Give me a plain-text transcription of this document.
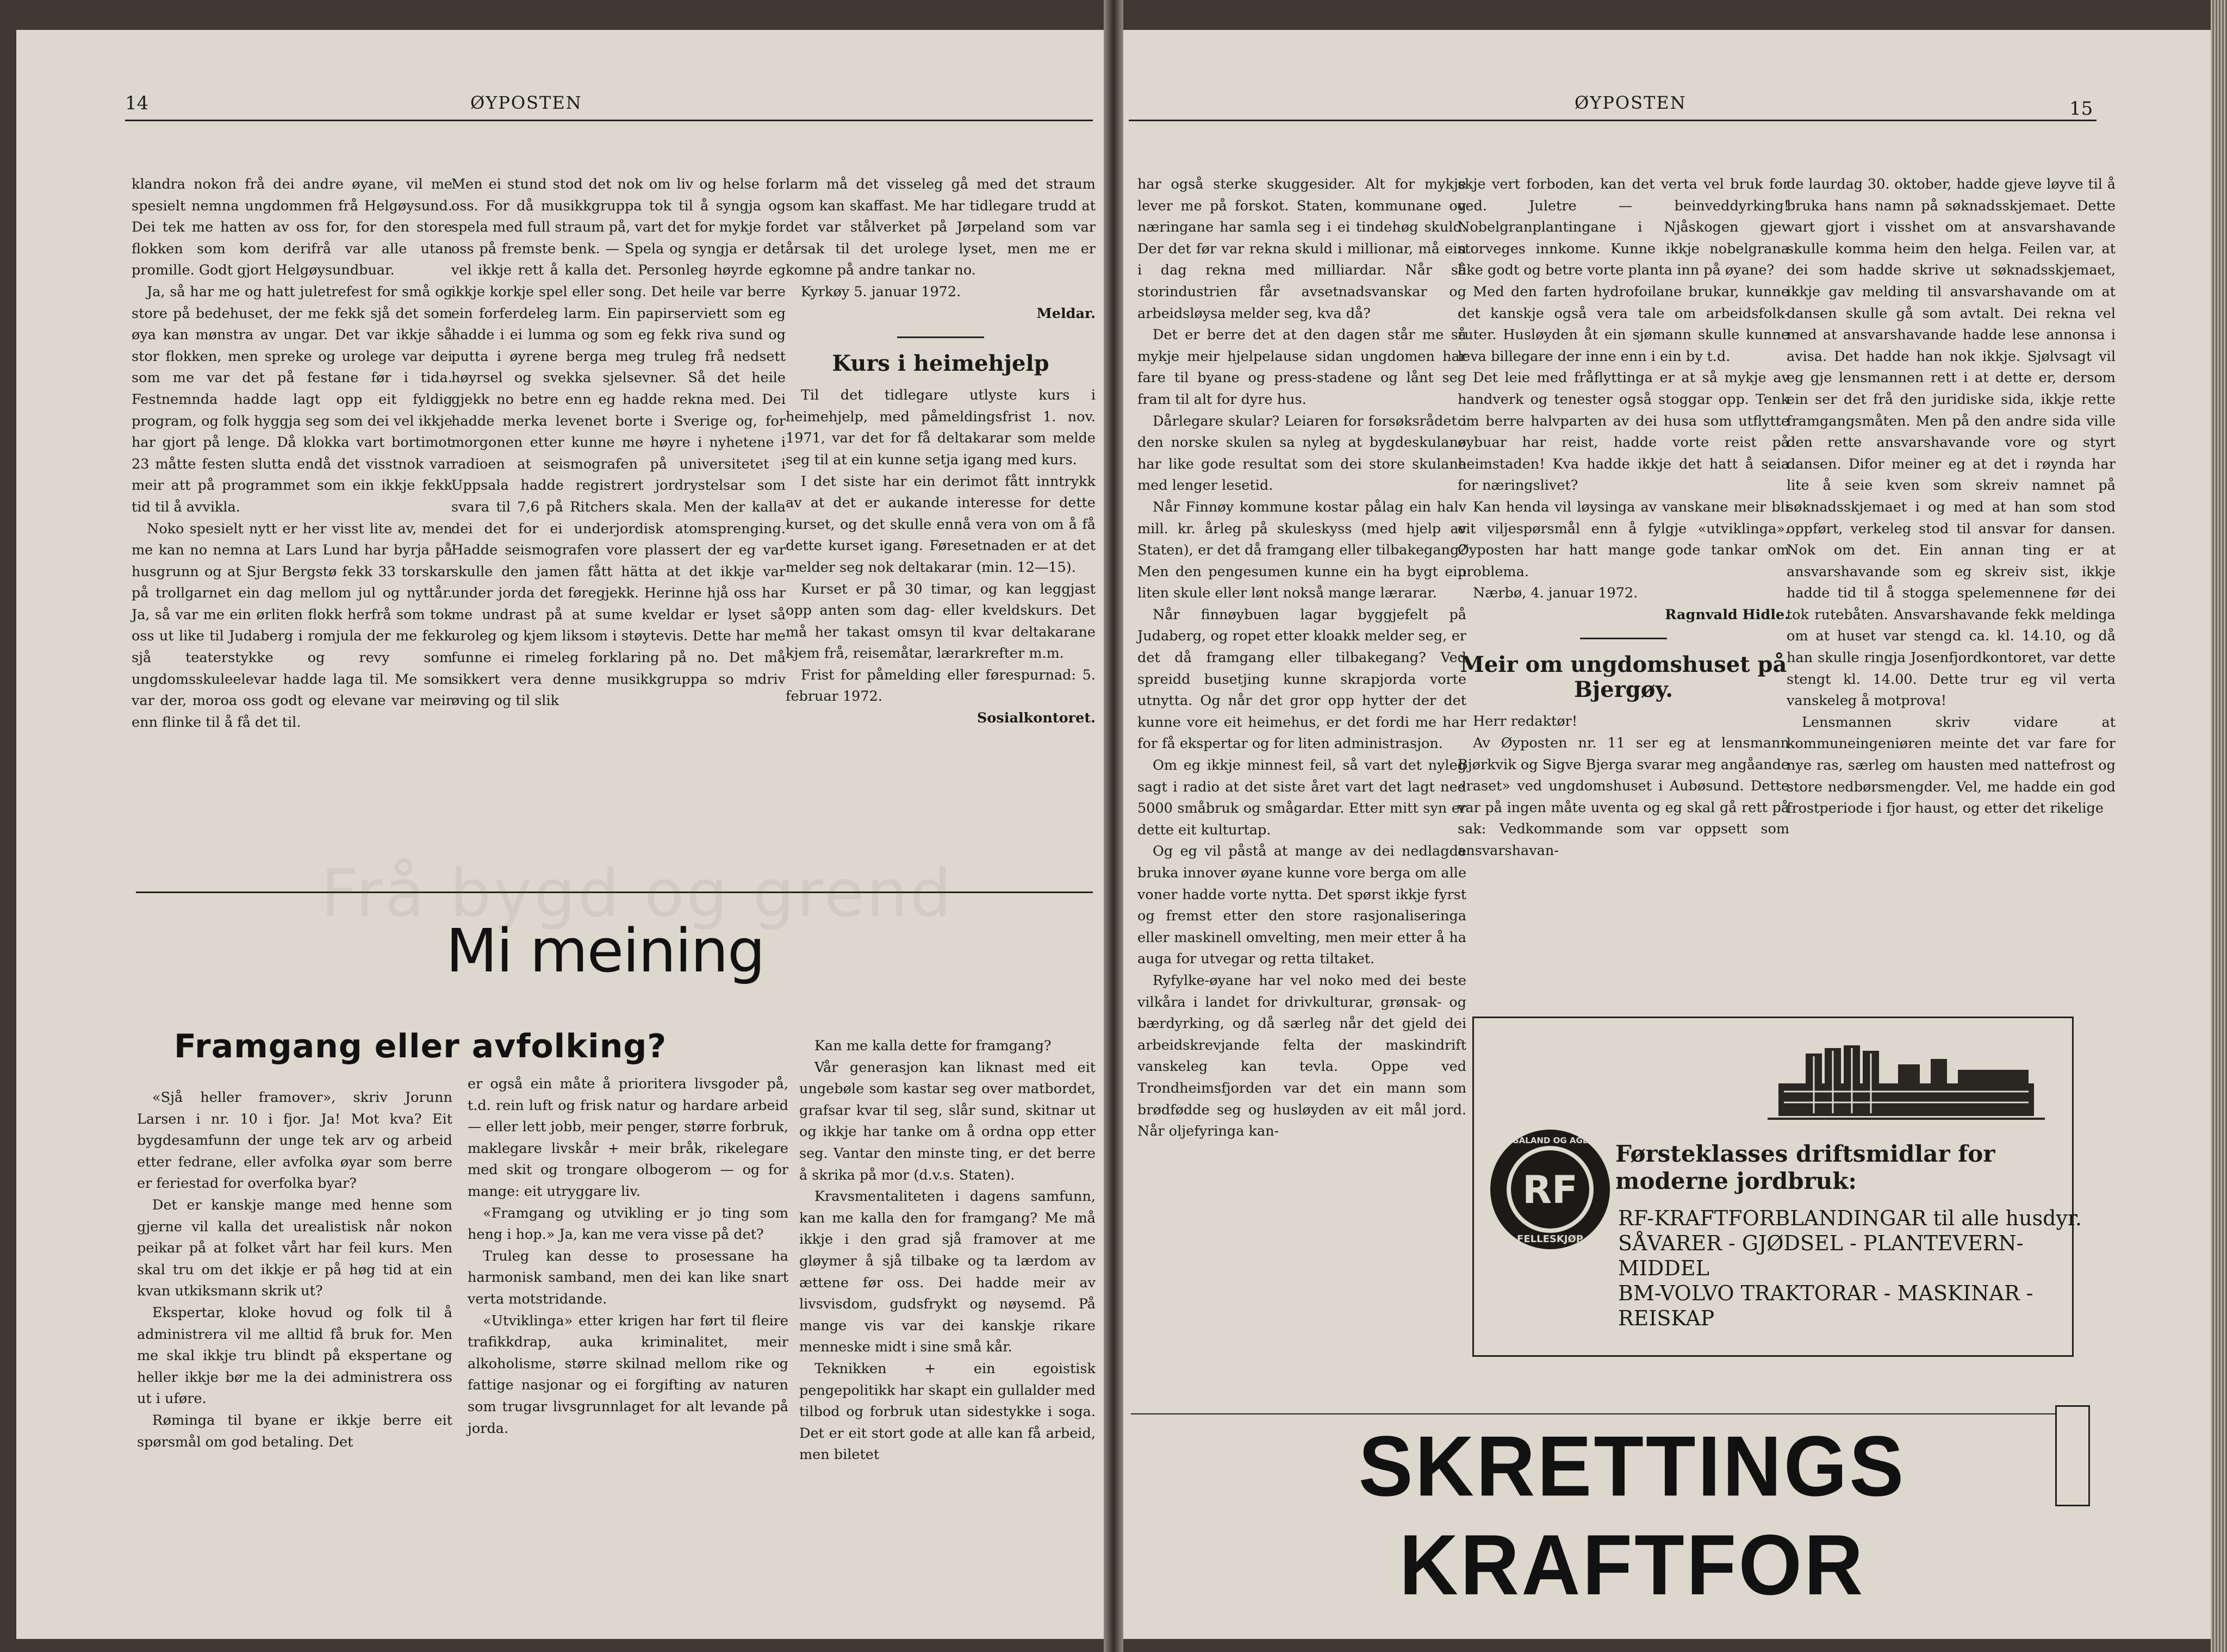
14	ØYPOSTEN

klandra nokon frå dei andre øyane, vil me spesielt nemna ungdommen frå Helgøysund. Dei tek me hatten av oss for, for den store flokken som kom derifrå var alle utan promille. Godt gjort Helgøysundbuar.

Ja, så har me og hatt juletrefest for små og store på bedehuset, der me fekk sjå det som øya kan mønstra av ungar. Det var ikkje så stor flokken, men spreke og urolege var dei som me var det på festane før i tida. Festnemnda hadde lagt opp eit fyldig program, og folk hyggja seg som dei vel ikkje har gjort på lenge. Då klokka vart bortimot 23 måtte festen slutta endå det visstnok var meir att på programmet som ein ikkje fekk tid til å avvikla.

Noko spesielt nytt er her visst lite av, men me kan no nemna at Lars Lund har byrja på husgrunn og at Sjur Bergstø fekk 33 torskar på trollgarnet ein dag mellom jul og nyttår. Ja, så var me ein ørliten flokk herfrå som tok oss ut like til Judaberg i romjula der me fekk sjå teaterstykke og revy som ungdomsskuleelevar hadde laga til. Me som var der, moroa oss godt og elevane var meir enn flinke til å få det til.

Men ei stund stod det nok om liv og helse for oss. For då musikkgruppa tok til å syngja og spela med full straum på, vart det for mykje for oss på fremste benk. — Spela og syngja er det vel ikkje rett å kalla det. Personleg høyrde eg ikkje korkje spel eller song. Det heile var berre ein forferdeleg larm. Ein papirserviett som eg hadde i ei lumma og som eg fekk riva sund og putta i øyrene berga meg truleg frå nedsett høyrsel og svekka sjelsevner. Så det heile gjekk no betre enn eg hadde rekna med. Dei hadde merka levenet borte i Sverige og, for morgonen etter kunne me høyre i nyhetene i radioen at seismografen på universitetet i Uppsala hadde registrert jordrystelsar som svara til 7,6 på Ritchers skala. Men der kalla dei det for ei underjordisk atomsprenging. Hadde seismografen vore plassert der eg var skulle den jamen fått hätta at det ikkje var under jorda det føregjekk. Herinne hjå oss har me undrast på at sume kveldar er lyset så uroleg og kjem liksom i støytevis. Dette har me funne ei rimeleg forklaring på no. Det må sikkert vera denne musikkgruppa so mdriv øving og til slik

larm må det visseleg gå med det straum som kan skaffast. Me har tidlegare trudd at det var stålverket på Jørpeland som var årsak til det urolege lyset, men me er komne på andre tankar no.

Kyrkøy 5. januar 1972.

Meldar.

Kurs i heimehjelp

Til det tidlegare utlyste kurs i heimehjelp, med påmeldingsfrist 1. nov. 1971, var det for få deltakarar som melde seg til at ein kunne setja igang med kurs.

I det siste har ein derimot fått inntrykk av at det er aukande interesse for dette kurset, og det skulle ennå vera von om å få dette kurset igang. Føresetnaden er at det melder seg nok deltakarar (min. 12—15).

Kurset er på 30 timar, og kan leggjast opp anten som dag- eller kveldskurs. Det må her takast omsyn til kvar deltakarane kjem frå, reisemåtar, lærarkrefter m.m.

Frist for påmelding eller førespurnad: 5. februar 1972.

Sosialkontoret.

Frå bygd og grend
Mi meining
Framgang eller avfolking?

«Sjå heller framover», skriv Jorunn Larsen i nr. 10 i fjor. Ja! Mot kva? Eit bygdesamfunn der unge tek arv og arbeid etter fedrane, eller avfolka øyar som berre er feriestad for overfolka byar?

Det er kanskje mange med henne som gjerne vil kalla det urealistisk når nokon peikar på at folket vårt har feil kurs. Men skal tru om det ikkje er på høg tid at ein kvan utkiksmann skrik ut?

Ekspertar, kloke hovud og folk til å administrera vil me alltid få bruk for. Men me skal ikkje tru blindt på ekspertane og heller ikkje bør me la dei administrera oss ut i uføre.

Røminga til byane er ikkje berre eit spørsmål om god betaling. Det

er også ein måte å prioritera livsgoder på, t.d. rein luft og frisk natur og hardare arbeid — eller lett jobb, meir penger, større forbruk, maklegare livskår + meir bråk, rikelegare med skit og trongare olbogerom — og for mange: eit utryggare liv.

«Framgang og utvikling er jo ting som heng i hop.» Ja, kan me vera visse på det?

Truleg kan desse to prosessane ha harmonisk samband, men dei kan like snart verta motstridande.

«Utviklinga» etter krigen har ført til fleire trafikkdrap, auka kriminalitet, meir alkoholisme, større skilnad mellom rike og fattige nasjonar og ei forgifting av naturen som trugar livsgrunnlaget for alt levande på jorda.

Kan me kalla dette for framgang?

Vår generasjon kan liknast med eit ungebøle som kastar seg over matbordet, grafsar kvar til seg, slår sund, skitnar ut og ikkje har tanke om å ordna opp etter seg. Vantar den minste ting, er det berre å skrika på mor (d.v.s. Staten).

Kravsmentaliteten i dagens samfunn, kan me kalla den for framgang? Me må ikkje i den grad sjå framover at me gløymer å sjå tilbake og ta lærdom av ættene før oss. Dei hadde meir av livsvisdom, gudsfrykt og nøysemd. På mange vis var dei kanskje rikare menneske midt i sine små kår.

Teknikken + ein egoistisk pengepolitikk har skapt ein gullalder med tilbod og forbruk utan sidestykke i soga. Det er eit stort gode at alle kan få arbeid, men biletet

ØYPOSTEN	15

har også sterke skuggesider. Alt for mykje lever me på forskot. Staten, kommunane og næringane har samla seg i ei tindehøg skuld. Der det før var rekna skuld i millionar, må ein i dag rekna med milliardar. Når så storindustrien får avsetnadsvanskar og arbeidsløysa melder seg, kva då?

Det er berre det at den dagen står me så mykje meir hjelpelause sidan ungdomen har fare til byane og press-stadene og lånt seg fram til alt for dyre hus.

Dårlegare skular? Leiaren for forsøksrådet i den norske skulen sa nyleg at bygdeskulane har like gode resultat som dei store skulane med lenger lesetid.

Når Finnøy kommune kostar pålag ein halv mill. kr. årleg på skuleskyss (med hjelp av Staten), er det då framgang eller tilbakegang? Men den pengesumen kunne ein ha bygt ein liten skule eller lønt nokså mange lærarar.

Når finnøybuen lagar byggjefelt på Judaberg, og ropet etter kloakk melder seg, er det då framgang eller tilbakegang? Ved spreidd busetjing kunne skrapjorda vorte utnytta. Og når det gror opp hytter der det kunne vore eit heimehus, er det fordi me har for få ekspertar og for liten administrasjon.

Om eg ikkje minnest feil, så vart det nyleg sagt i radio at det siste året vart det lagt ned 5000 småbruk og smågardar. Etter mitt syn er dette eit kulturtap.

Og eg vil påstå at mange av dei nedlagde bruka innover øyane kunne vore berga om alle voner hadde vorte nytta. Det spørst ikkje fyrst og fremst etter den store rasjonaliseringa eller maskinell omvelting, men meir etter å ha auga for utvegar og retta tiltaket.

Ryfylke-øyane har vel noko med dei beste vilkåra i landet for drivkulturar, grønsak- og bærdyrking, og då særleg når det gjeld dei arbeidskrevjande felta der maskindrift vanskeleg kan tevla. Oppe ved Trondheimsfjorden var det ein mann som brødfødde seg og husløyden av eit mål jord. Når oljefyringa kan-

skje vert forboden, kan det verta vel bruk for ved. Juletre — beinveddyrking! Nobelgranplantingane i Njåskogen gjev storveges innkome. Kunne ikkje nobelgrana like godt og betre vorte planta inn på øyane?

Med den farten hydrofoilane brukar, kunne det kanskje også vera tale om arbeidsfolk-ruter. Husløyden åt ein sjømann skulle kunne leva billegare der inne enn i ein by t.d.

Det leie med fråflyttinga er at så mykje av handverk og tenester også stoggar opp. Tenk om berre halvparten av dei husa som utflytte øybuar har reist, hadde vorte reist på heimstaden! Kva hadde ikkje det hatt å seia for næringslivet?

Kan henda vil løysinga av vanskane meir bli eit viljespørsmål enn å fylgje «utviklinga». Øyposten har hatt mange gode tankar om problema.

Nærbø, 4. januar 1972.

Ragnvald Hidle.

Meir om ungdomshuset på Bjergøy.

Herr redaktør!

Av Øyposten nr. 11 ser eg at lensmann Bjørkvik og Sigve Bjerga svarar meg angåande «raset» ved ungdomshuset i Aubøsund. Dette var på ingen måte uventa og eg skal gå rett på sak: Vedkommande som var oppsett som ansvarshavan-

de laurdag 30. oktober, hadde gjeve løyve til å bruka hans namn på søknadsskjemaet. Dette vart gjort i visshet om at ansvarshavande skulle komma heim den helga. Feilen var, at dei som hadde skrive ut søknadsskjemaet, ikkje gav melding til ansvarshavande om at dansen skulle gå som avtalt. Dei rekna vel med at ansvarshavande hadde lese annonsa i avisa. Det hadde han nok ikkje. Sjølvsagt vil eg gje lensmannen rett i at dette er, dersom ein ser det frå den juridiske sida, ikkje rette framgangsmåten. Men på den andre sida ville den rette ansvarshavande vore og styrt dansen. Difor meiner eg at det i røynda har lite å seie kven som skreiv namnet på søknadsskjemaet i og med at han som stod oppført, verkeleg stod til ansvar for dansen. Nok om det. Ein annan ting er at ansvarshavande som eg skreiv sist, ikkje hadde tid til å stogga spelemennene før dei tok rutebåten. Ansvarshavande fekk meldinga om at huset var stengd ca. kl. 14.10, og då han skulle ringja Josenfjordkontoret, var dette stengt kl. 14.00. Dette trur eg vil verta vanskeleg å motprova!

Lensmannen skriv vidare at kommuneingeniøren meinte det var fare for nye ras, særleg om hausten med nattefrost og store nedbørsmengder. Vel, me hadde ein god frostperiode i fjor haust, og etter det rikelige

RF
ROGALAND OG AGDER
FELLESKJØP
Førsteklasses driftsmidlar for moderne jordbruk:
RF-KRAFTFORBLANDINGAR til alle husdyr.
SÅVARER - GJØDSEL - PLANTEVERN-
MIDDEL
BM-VOLVO TRAKTORAR - MASKINAR -
REISKAP
SKRETTINGS KRAFTFOR
